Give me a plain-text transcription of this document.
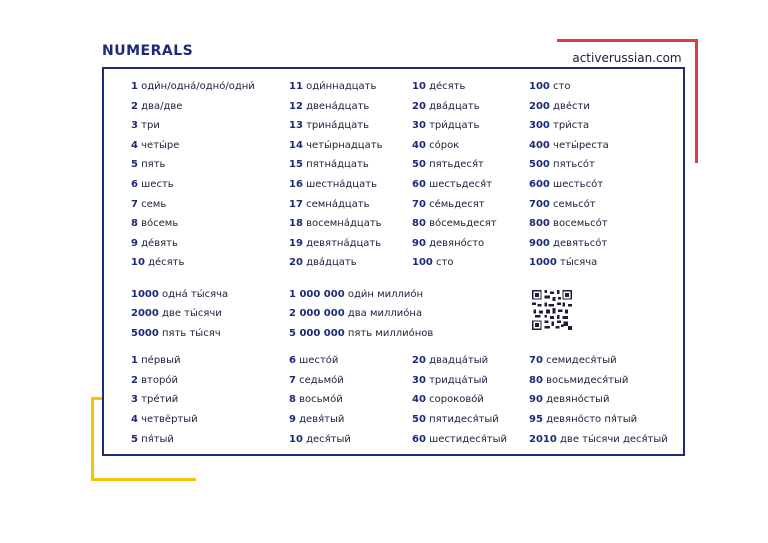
NUMERALS	activerussian.com
1 оди́н/одна́/одно́/одни́
2 два/две
3 три
4 четы́ре
5 пять
6 шесть
7 семь
8 во́семь
9 де́вять
10 де́сять
11 оди́ннадцать
12 двена́дцать
13 трина́дцать
14 четы́рнадцать
15 пятна́дцать
16 шестна́дцать
17 семна́дцать
18 восемна́дцать
19 девятна́дцать
20 два́дцать
10 де́сять
20 два́дцать
30 три́дцать
40 со́рок
50 пятьдеся́т
60 шестьдеся́т
70 се́мьдесят
80 во́семьдесят
90 девяно́сто
100 сто
100 сто
200 две́сти
300 три́ста
400 четы́реста
500 пятьсо́т
600 шестьсо́т
700 семьсо́т
800 восемьсо́т
900 девятьсо́т
1000 ты́сяча
1000 одна́ ты́сяча
2000 две ты́сячи
5000 пять ты́сяч
1 000 000 оди́н миллио́н
2 000 000 два миллио́на
5 000 000 пять миллио́нов
1 пе́рвый
2 второ́й
3 тре́тий
4 четвёртый
5 пя́тый
6 шесто́й
7 седьмо́й
8 восьмо́й
9 девя́тый
10 деся́тый
20 двадца́тый
30 тридца́тый
40 сороково́й
50 пятидеся́тый
60 шестидеся́тый
70 семидеся́тый
80 восьмидеся́тый
90 девяно́стый
95 девяно́сто пя́тый
2010 две ты́сячи деся́тый
